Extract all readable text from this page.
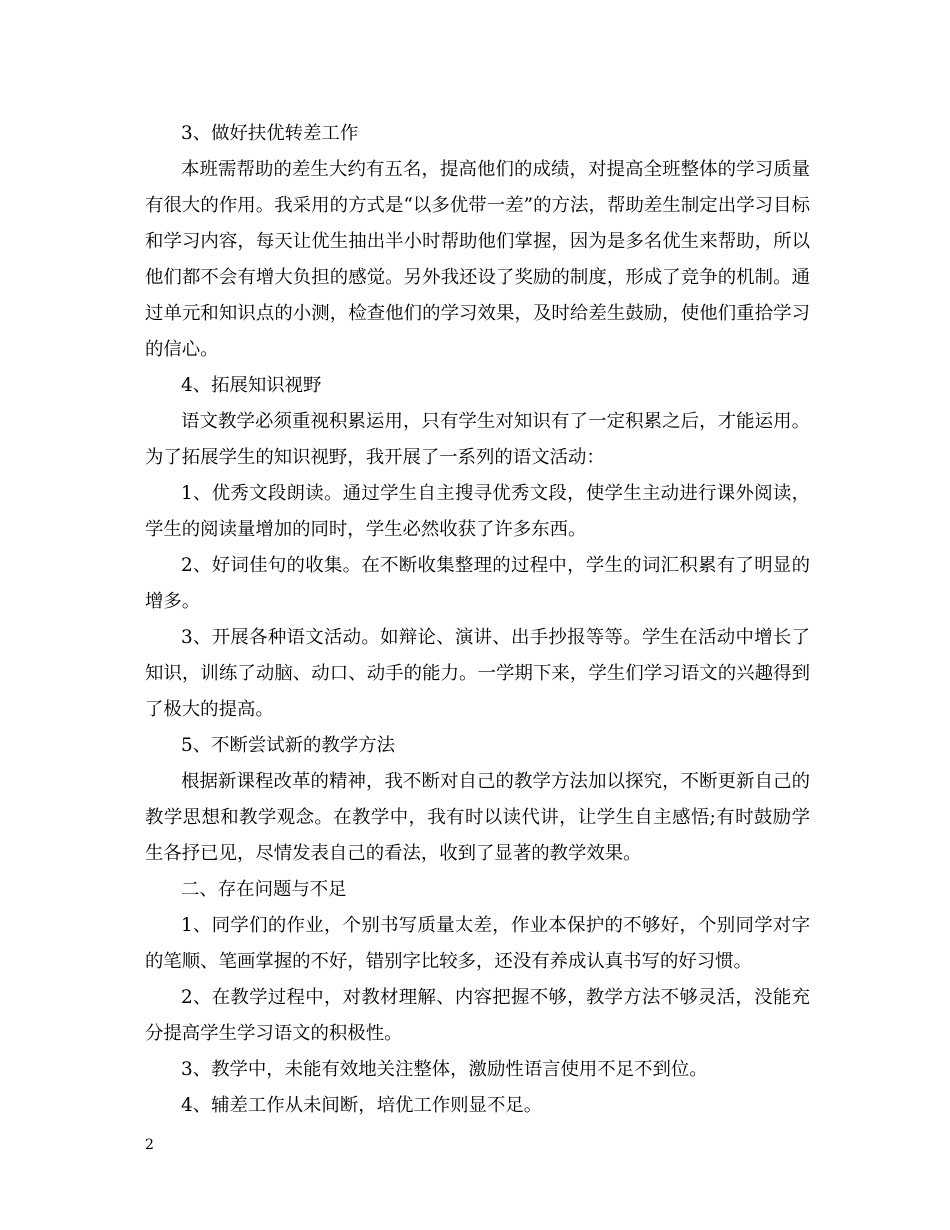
3、做好扶优转差工作

本班需帮助的差生大约有五名，提高他们的成绩，对提高全班整体的学习质量有很大的作用。我采用的方式是“以多优带一差”的方法，帮助差生制定出学习目标和学习内容，每天让优生抽出半小时帮助他们掌握，因为是多名优生来帮助，所以他们都不会有增大负担的感觉。另外我还设了奖励的制度，形成了竞争的机制。通过单元和知识点的小测，检查他们的学习效果，及时给差生鼓励，使他们重拾学习的信心。

4、拓展知识视野

语文教学必须重视积累运用，只有学生对知识有了一定积累之后，才能运用。为了拓展学生的知识视野，我开展了一系列的语文活动：

1、优秀文段朗读。通过学生自主搜寻优秀文段，使学生主动进行课外阅读，学生的阅读量增加的同时，学生必然收获了许多东西。

2、好词佳句的收集。在不断收集整理的过程中，学生的词汇积累有了明显的增多。

3、开展各种语文活动。如辩论、演讲、出手抄报等等。学生在活动中增长了知识，训练了动脑、动口、动手的能力。一学期下来，学生们学习语文的兴趣得到了极大的提高。

5、不断尝试新的教学方法

根据新课程改革的精神，我不断对自己的教学方法加以探究，不断更新自己的教学思想和教学观念。在教学中，我有时以读代讲，让学生自主感悟;有时鼓励学生各抒已见，尽情发表自己的看法，收到了显著的教学效果。

二、存在问题与不足

1、同学们的作业，个别书写质量太差，作业本保护的不够好，个别同学对字的笔顺、笔画掌握的不好，错别字比较多，还没有养成认真书写的好习惯。

2、在教学过程中，对教材理解、内容把握不够，教学方法不够灵活，没能充分提高学生学习语文的积极性。

3、教学中，未能有效地关注整体，激励性语言使用不足不到位。

4、辅差工作从未间断，培优工作则显不足。

2
